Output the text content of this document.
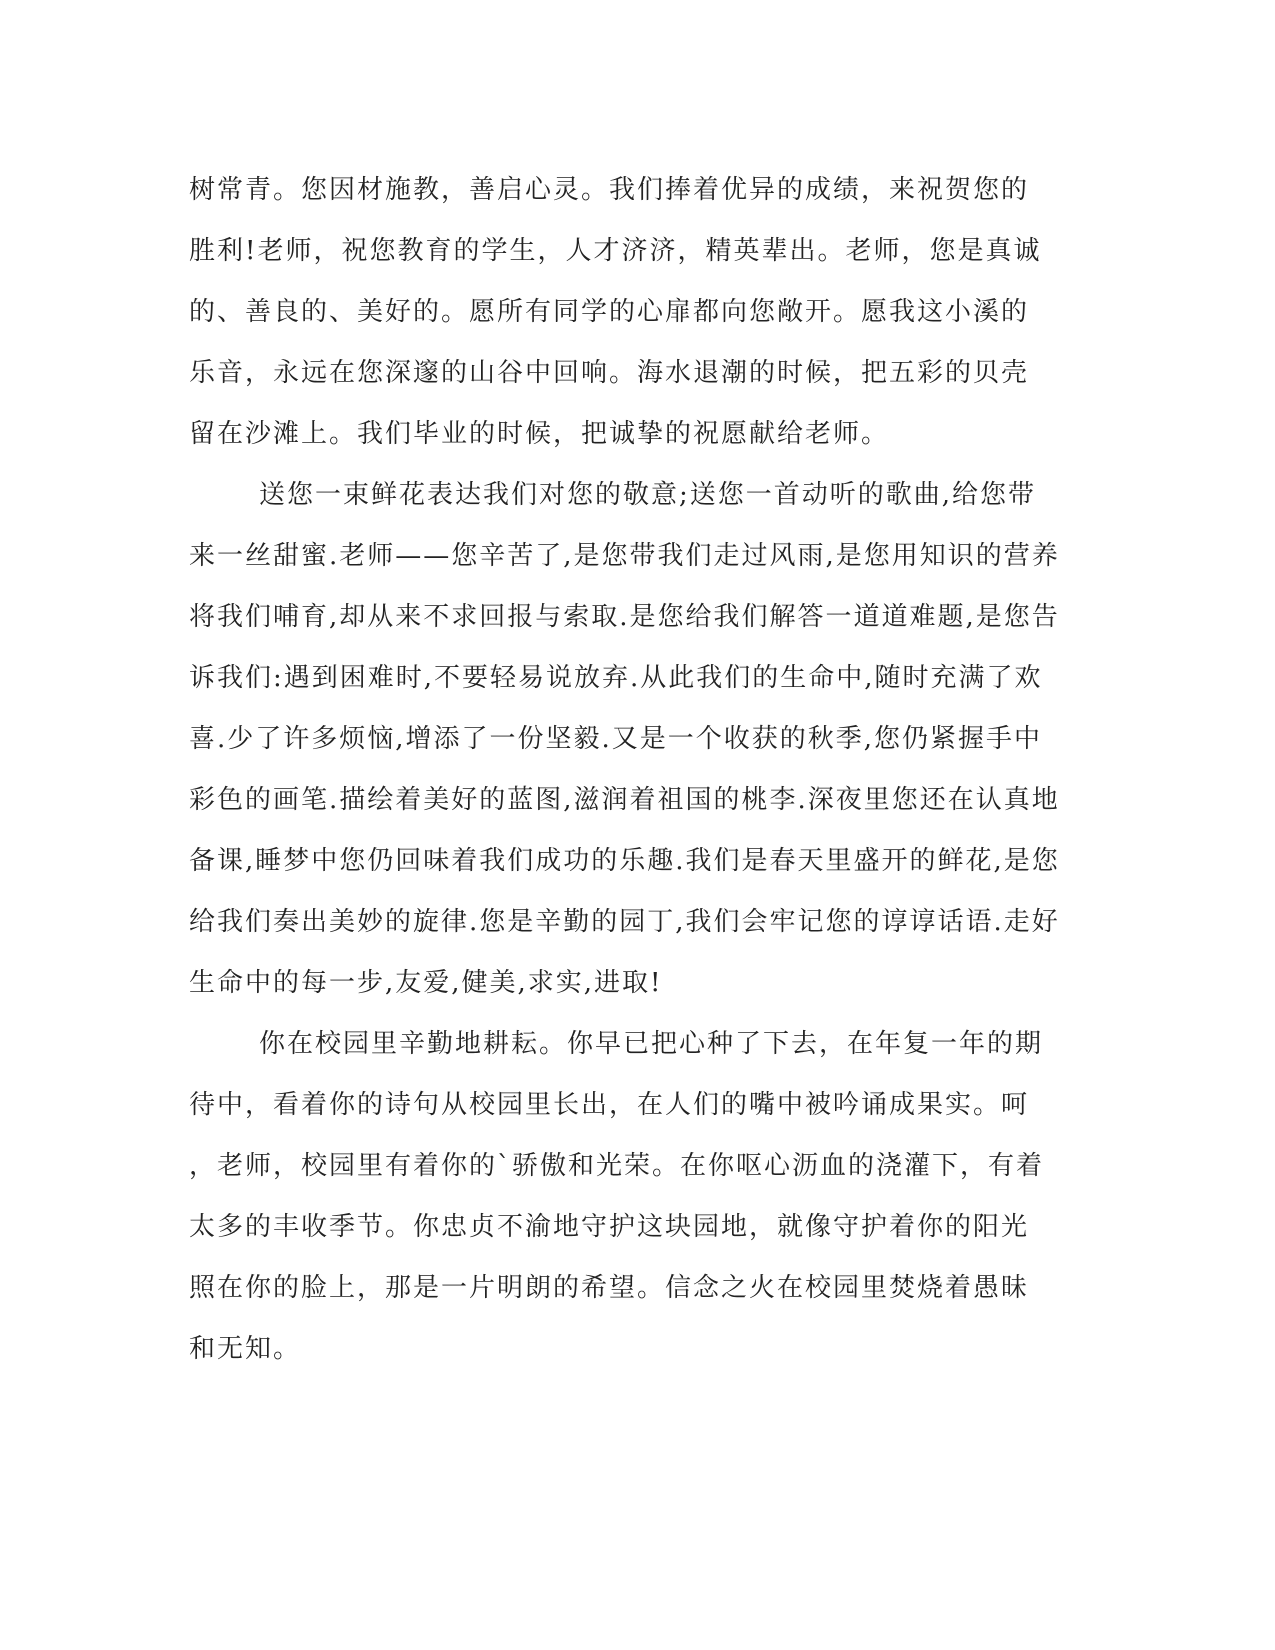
树常青。您因材施教，善启心灵。我们捧着优异的成绩，来祝贺您的
胜利!老师，祝您教育的学生，人才济济，精英辈出。老师，您是真诚
的、善良的、美好的。愿所有同学的心扉都向您敞开。愿我这小溪的
乐音，永远在您深邃的山谷中回响。海水退潮的时候，把五彩的贝壳
留在沙滩上。我们毕业的时候，把诚挚的祝愿献给老师。
送您一束鲜花表达我们对您的敬意;送您一首动听的歌曲,给您带
来一丝甜蜜.老师——您辛苦了,是您带我们走过风雨,是您用知识的营养
将我们哺育,却从来不求回报与索取.是您给我们解答一道道难题,是您告
诉我们:遇到困难时,不要轻易说放弃.从此我们的生命中,随时充满了欢
喜.少了许多烦恼,增添了一份坚毅.又是一个收获的秋季,您仍紧握手中
彩色的画笔.描绘着美好的蓝图,滋润着祖国的桃李.深夜里您还在认真地
备课,睡梦中您仍回味着我们成功的乐趣.我们是春天里盛开的鲜花,是您
给我们奏出美妙的旋律.您是辛勤的园丁,我们会牢记您的谆谆话语.走好
生命中的每一步,友爱,健美,求实,进取!
你在校园里辛勤地耕耘。你早已把心种了下去，在年复一年的期
待中，看着你的诗句从校园里长出，在人们的嘴中被吟诵成果实。呵
，老师，校园里有着你的`骄傲和光荣。在你呕心沥血的浇灌下，有着
太多的丰收季节。你忠贞不渝地守护这块园地，就像守护着你的阳光
照在你的脸上，那是一片明朗的希望。信念之火在校园里焚烧着愚昧
和无知。
